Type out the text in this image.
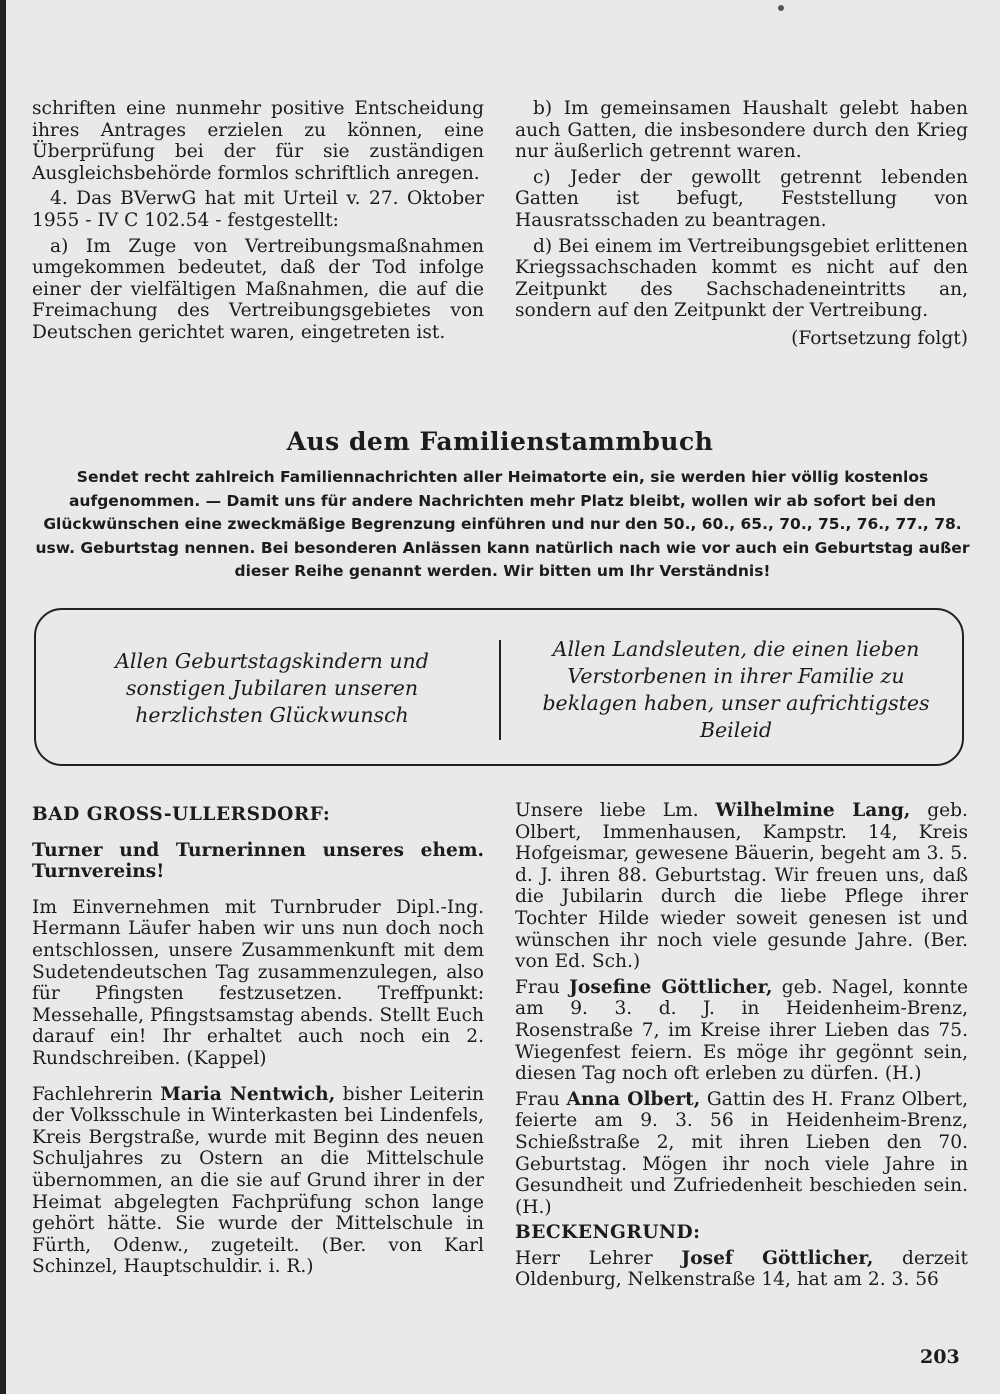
schriften eine nunmehr positive Entscheidung ihres Antrages erzielen zu können, eine Überprüfung bei der für sie zuständigen Ausgleichsbehörde formlos schriftlich anregen.

4. Das BVerwG hat mit Urteil v. 27. Oktober 1955 - IV C 102.54 - festgestellt:

a) Im Zuge von Vertreibungsmaßnahmen umgekommen bedeutet, daß der Tod infolge einer der vielfältigen Maßnahmen, die auf die Freimachung des Vertreibungsgebietes von Deutschen gerichtet waren, eingetreten ist.

b) Im gemeinsamen Haushalt gelebt haben auch Gatten, die insbesondere durch den Krieg nur äußerlich getrennt waren.

c) Jeder der gewollt getrennt lebenden Gatten ist befugt, Feststellung von Hausratsschaden zu beantragen.

d) Bei einem im Vertreibungsgebiet erlittenen Kriegssachschaden kommt es nicht auf den Zeitpunkt des Sachschadeneintritts an, sondern auf den Zeitpunkt der Vertreibung.

(Fortsetzung folgt)

Aus dem Familienstammbuch
Sendet recht zahlreich Familiennachrichten aller Heimatorte ein, sie werden hier völlig kostenlos aufgenommen. — Damit uns für andere Nachrichten mehr Platz bleibt, wollen wir ab sofort bei den Glückwünschen eine zweckmäßige Begrenzung einführen und nur den 50., 60., 65., 70., 75., 76., 77., 78. usw. Geburtstag nennen. Bei besonderen Anlässen kann natürlich nach wie vor auch ein Geburtstag außer dieser Reihe genannt werden. Wir bitten um Ihr Verständnis!
Allen Geburtstagskindern und sonstigen Jubilaren unseren herzlichsten Glückwunsch
Allen Landsleuten, die einen lieben Verstorbenen in ihrer Familie zu beklagen haben, unser aufrichtigstes Beileid

BAD GROSS-ULLERSDORF:

Turner und Turnerinnen unseres ehem. Turnvereins!

Im Einvernehmen mit Turnbruder Dipl.-Ing. Hermann Läufer haben wir uns nun doch noch entschlossen, unsere Zusammenkunft mit dem Sudetendeutschen Tag zusammenzulegen, also für Pfingsten festzusetzen. Treffpunkt: Messehalle, Pfingstsamstag abends. Stellt Euch darauf ein! Ihr erhaltet auch noch ein 2. Rundschreiben. (Kappel)

Fachlehrerin Maria Nentwich, bisher Leiterin der Volksschule in Winterkasten bei Lindenfels, Kreis Bergstraße, wurde mit Beginn des neuen Schuljahres zu Ostern an die Mittelschule übernommen, an die sie auf Grund ihrer in der Heimat abgelegten Fachprüfung schon lange gehört hätte. Sie wurde der Mittelschule in Fürth, Odenw., zugeteilt. (Ber. von Karl Schinzel, Hauptschuldir. i. R.)

Unsere liebe Lm. Wilhelmine Lang, geb. Olbert, Immenhausen, Kampstr. 14, Kreis Hofgeismar, gewesene Bäuerin, begeht am 3. 5. d. J. ihren 88. Geburtstag. Wir freuen uns, daß die Jubilarin durch die liebe Pflege ihrer Tochter Hilde wieder soweit genesen ist und wünschen ihr noch viele gesunde Jahre. (Ber. von Ed. Sch.)

Frau Josefine Göttlicher, geb. Nagel, konnte am 9. 3. d. J. in Heidenheim-Brenz, Rosenstraße 7, im Kreise ihrer Lieben das 75. Wiegenfest feiern. Es möge ihr gegönnt sein, diesen Tag noch oft erleben zu dürfen. (H.)

Frau Anna Olbert, Gattin des H. Franz Olbert, feierte am 9. 3. 56 in Heidenheim-Brenz, Schießstraße 2, mit ihren Lieben den 70. Geburtstag. Mögen ihr noch viele Jahre in Gesundheit und Zufriedenheit beschieden sein. (H.)

BECKENGRUND:

Herr Lehrer Josef Göttlicher, derzeit Oldenburg, Nelkenstraße 14, hat am 2. 3. 56

203
